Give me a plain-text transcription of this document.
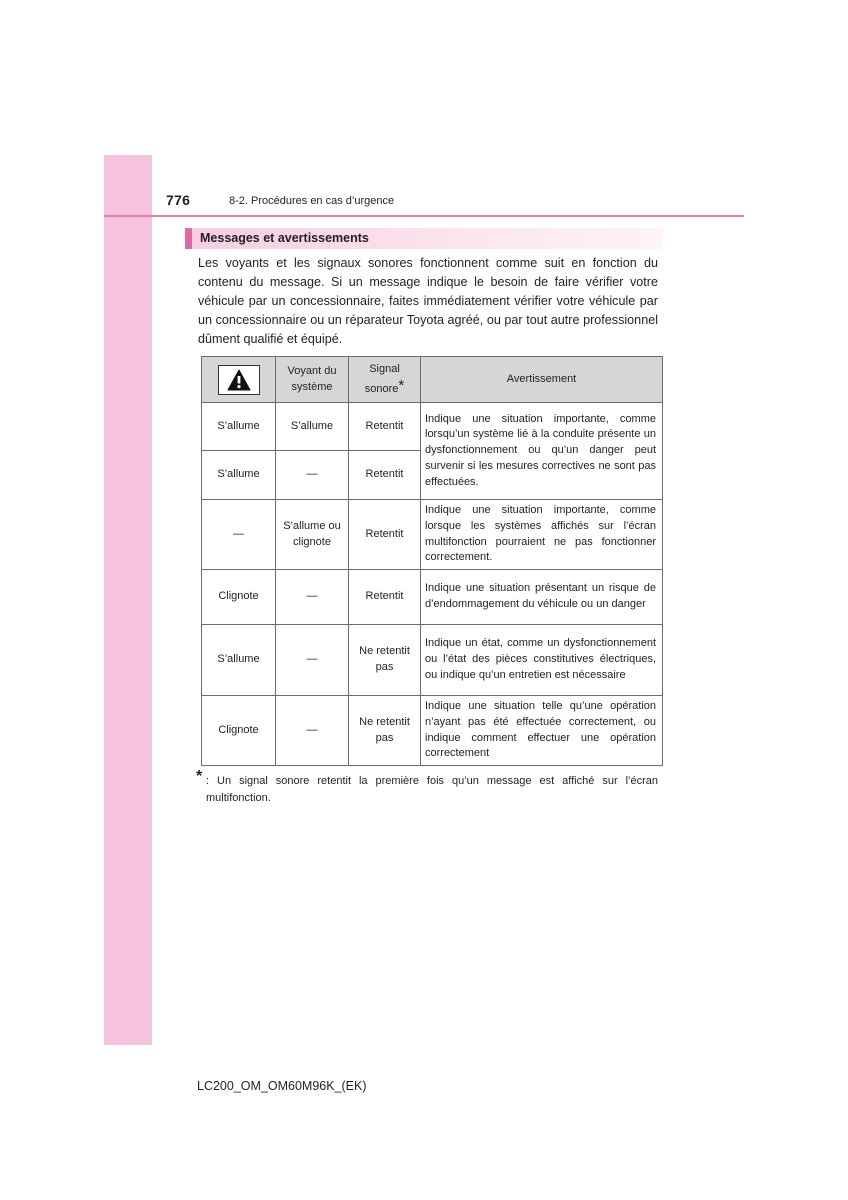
776	8-2. Procédures en cas d’urgence
Messages et avertissements

Les voyants et les signaux sonores fonctionnent comme suit en fonction du contenu du message. Si un message indique le besoin de faire vérifier votre véhicule par un concessionnaire, faites immédiatement vérifier votre véhicule par un concessionnaire ou un réparateur Toyota agréé, ou par tout autre professionnel dûment qualifié et équipé.

	Voyant du système	Signal sonore*	Avertissement
S’allume	S’allume	Retentit	Indique une situation importante, comme lorsqu’un système lié à la conduite présente un dysfonctionnement ou qu’un danger peut survenir si les mesures correctives ne sont pas effectuées.
S’allume	—	Retentit	
—	S’allume ou clignote	Retentit	Indique une situation importante, comme lorsque les systèmes affichés sur l’écran multifonction pourraient ne pas fonctionner correctement.
Clignote	—	Retentit	Indique une situation présentant un risque de d’endommagement du véhicule ou un danger
S’allume	—	Ne retentit pas	Indique un état, comme un dysfonctionnement ou l’état des pièces constitutives électriques, ou indique qu’un entretien est nécessaire
Clignote	—	Ne retentit pas	Indique une situation telle qu’une opération n’ayant pas été effectuée correctement, ou indique comment effectuer une opération correctement
* : Un signal sonore retentit la première fois qu’un message est affiché sur l’écran multifonction.

LC200_OM_OM60M96K_(EK)
